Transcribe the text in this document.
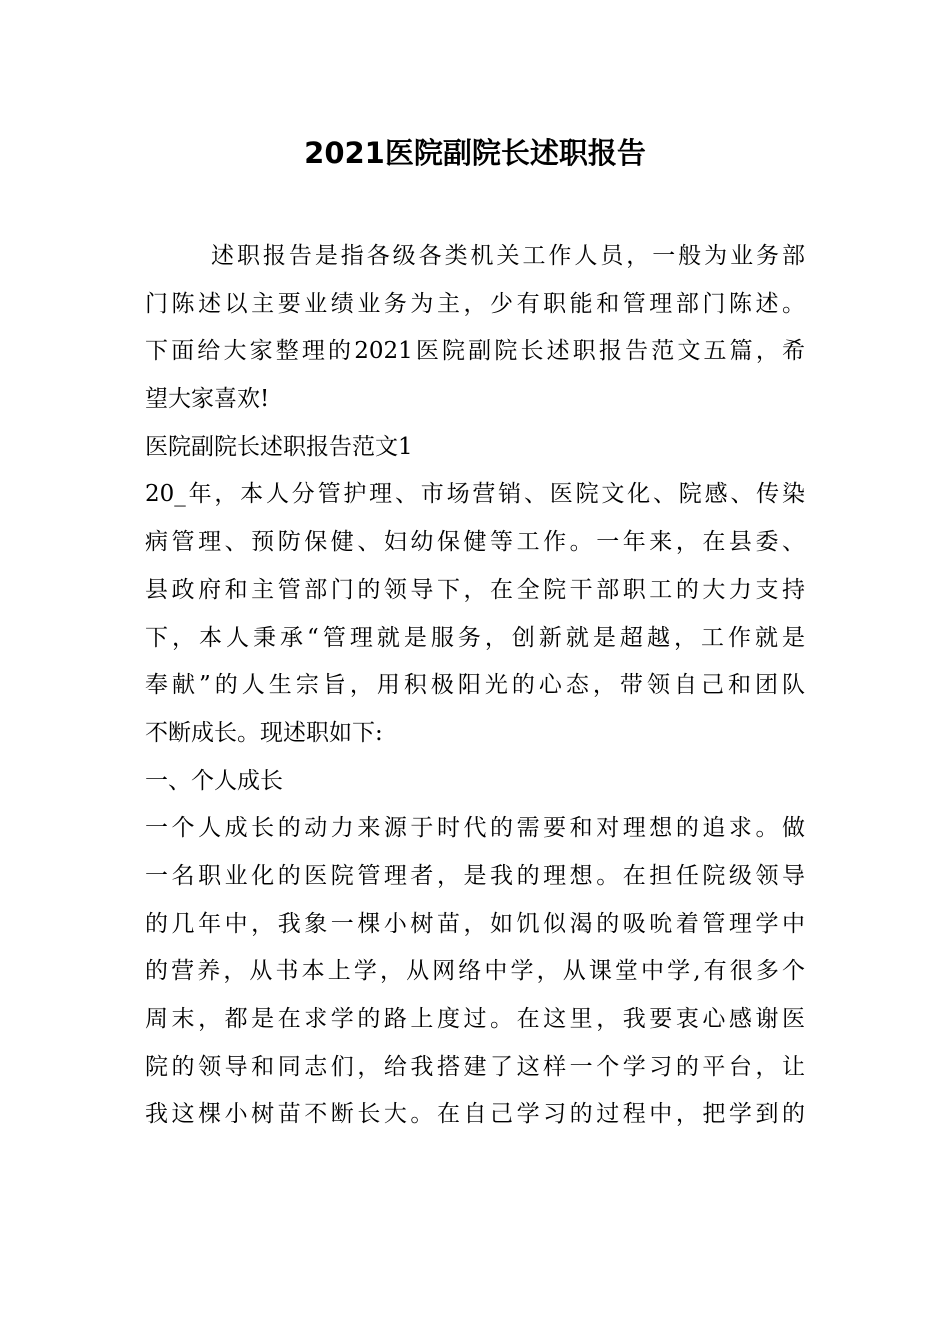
2021医院副院长述职报告
述职报告是指各级各类机关工作人员，一般为业务部
门陈述以主要业绩业务为主，少有职能和管理部门陈述。
下面给大家整理的2021医院副院长述职报告范文五篇，希
望大家喜欢!
医院副院长述职报告范文1
20_年，本人分管护理、市场营销、医院文化、院感、传染
病管理、预防保健、妇幼保健等工作。一年来，在县委、
县政府和主管部门的领导下，在全院干部职工的大力支持
下，本人秉承“管理就是服务，创新就是超越，工作就是
奉献”的人生宗旨，用积极阳光的心态，带领自己和团队
不断成长。现述职如下:
一、个人成长
一个人成长的动力来源于时代的需要和对理想的追求。做
一名职业化的医院管理者，是我的理想。在担任院级领导
的几年中，我象一棵小树苗，如饥似渴的吸吮着管理学中
的营养，从书本上学，从网络中学，从课堂中学,有很多个
周末，都是在求学的路上度过。在这里，我要衷心感谢医
院的领导和同志们，给我搭建了这样一个学习的平台，让
我这棵小树苗不断长大。在自己学习的过程中，把学到的
